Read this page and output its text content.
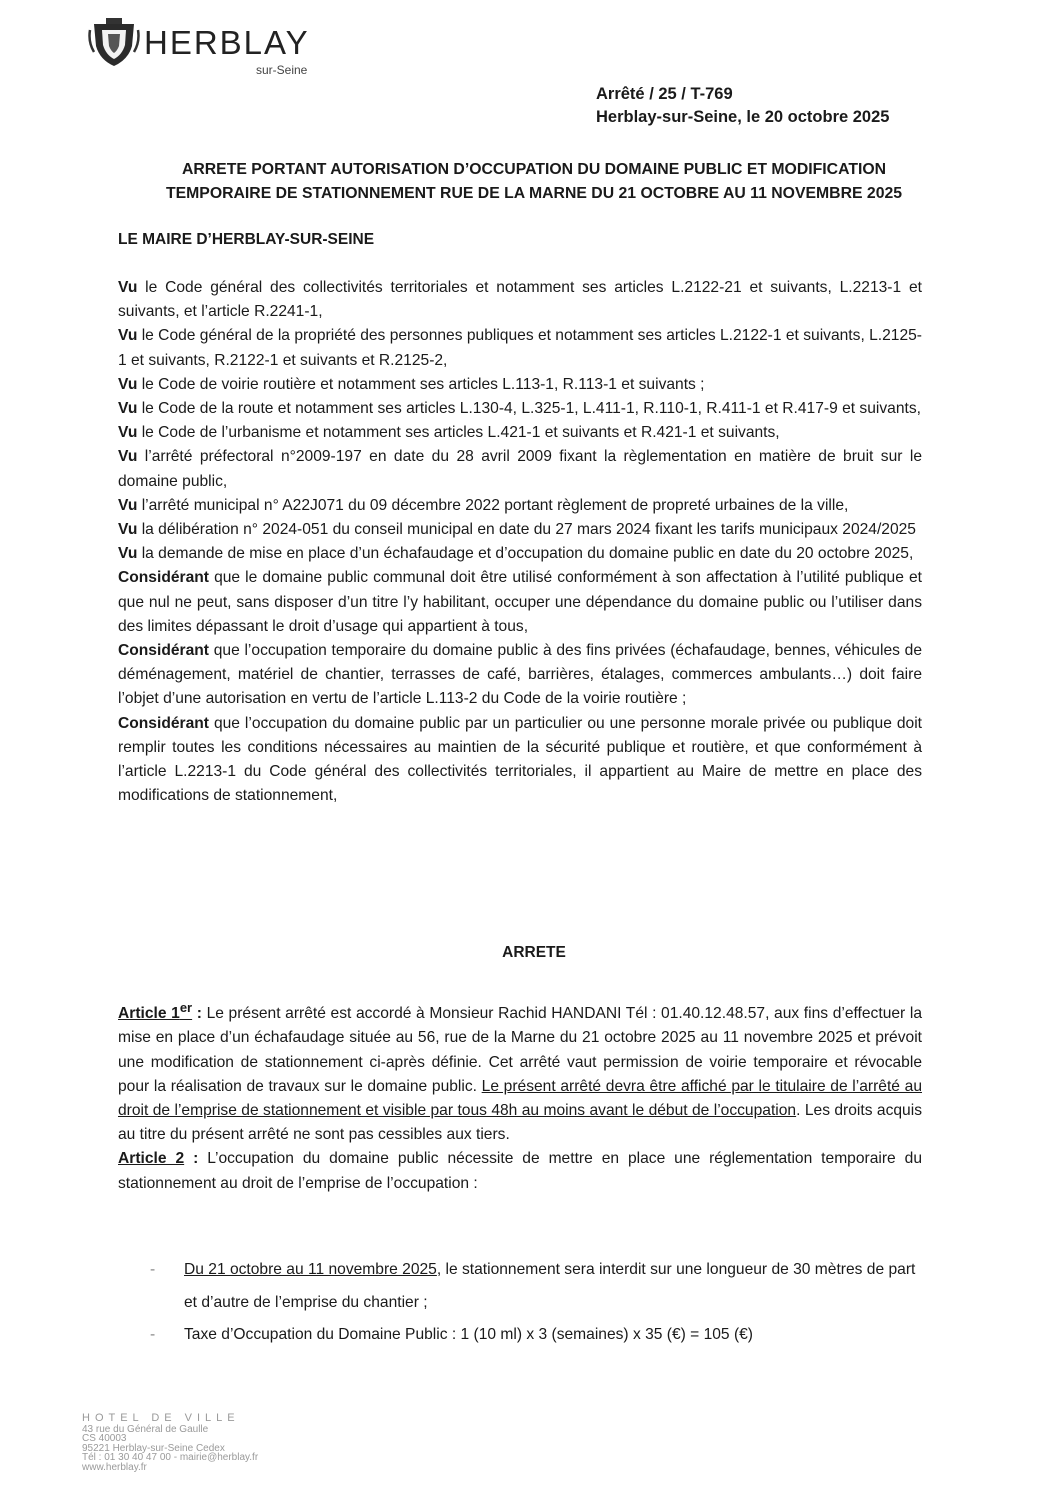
HERBLAY
sur-Seine
Arrêté / 25 / T-769
Herblay-sur-Seine, le 20 octobre 2025
ARRETE PORTANT AUTORISATION D’OCCUPATION DU DOMAINE PUBLIC ET MODIFICATION
TEMPORAIRE DE STATIONNEMENT RUE DE LA MARNE DU 21 OCTOBRE AU 11 NOVEMBRE 2025
LE MAIRE D’HERBLAY-SUR-SEINE

Vu le Code général des collectivités territoriales et notamment ses articles L.2122-21 et suivants, L.2213-1 et suivants, et l’article R.2241-1,

Vu le Code général de la propriété des personnes publiques et notamment ses articles L.2122-1 et suivants, L.2125-1 et suivants, R.2122-1 et suivants et R.2125-2,

Vu le Code de voirie routière et notamment ses articles L.113-1, R.113-1 et suivants ;

Vu le Code de la route et notamment ses articles L.130-4, L.325-1, L.411-1, R.110-1, R.411-1 et R.417-9 et suivants,

Vu le Code de l’urbanisme et notamment ses articles L.421-1 et suivants et R.421-1 et suivants,

Vu l’arrêté préfectoral n°2009-197 en date du 28 avril 2009 fixant la règlementation en matière de bruit sur le domaine public,

Vu l’arrêté municipal n° A22J071 du 09 décembre 2022 portant règlement de propreté urbaines de la ville,

Vu la délibération n° 2024-051 du conseil municipal en date du 27 mars 2024 fixant les tarifs municipaux 2024/2025

Vu la demande de mise en place d’un échafaudage et d’occupation du domaine public en date du 20 octobre 2025,

Considérant que le domaine public communal doit être utilisé conformément à son affectation à l’utilité publique et que nul ne peut, sans disposer d’un titre l’y habilitant, occuper une dépendance du domaine public ou l’utiliser dans des limites dépassant le droit d’usage qui appartient à tous,

Considérant que l’occupation temporaire du domaine public à des fins privées (échafaudage, bennes, véhicules de déménagement, matériel de chantier, terrasses de café, barrières, étalages, commerces ambulants…) doit faire l’objet d’une autorisation en vertu de l’article L.113-2 du Code de la voirie routière ;

Considérant que l’occupation du domaine public par un particulier ou une personne morale privée ou publique doit remplir toutes les conditions nécessaires au maintien de la sécurité publique et routière, et que conformément à l’article L.2213-1 du Code général des collectivités territoriales, il appartient au Maire de mettre en place des modifications de stationnement,

ARRETE

Article 1er : Le présent arrêté est accordé à Monsieur Rachid HANDANI Tél : 01.40.12.48.57, aux fins d’effectuer la mise en place d’un échafaudage située au 56, rue de la Marne du 21 octobre 2025 au 11 novembre 2025 et prévoit une modification de stationnement ci-après définie. Cet arrêté vaut permission de voirie temporaire et révocable pour la réalisation de travaux sur le domaine public. Le présent arrêté devra être affiché par le titulaire de l’arrêté au droit de l’emprise de stationnement et visible par tous 48h au moins avant le début de l’occupation. Les droits acquis au titre du présent arrêté ne sont pas cessibles aux tiers.

Article 2 : L’occupation du domaine public nécessite de mettre en place une réglementation temporaire du stationnement au droit de l’emprise de l’occupation :

- Du 21 octobre au 11 novembre 2025, le stationnement sera interdit sur une longueur de 30 mètres de part et d’autre de l’emprise du chantier ;
- Taxe d’Occupation du Domaine Public : 1 (10 ml) x 3 (semaines) x 35 (€) = 105 (€)
HOTEL DE VILLE
43 rue du Général de Gaulle
CS 40003
95221 Herblay-sur-Seine Cedex
Tél : 01 30 40 47 00 - mairie@herblay.fr
www.herblay.fr
